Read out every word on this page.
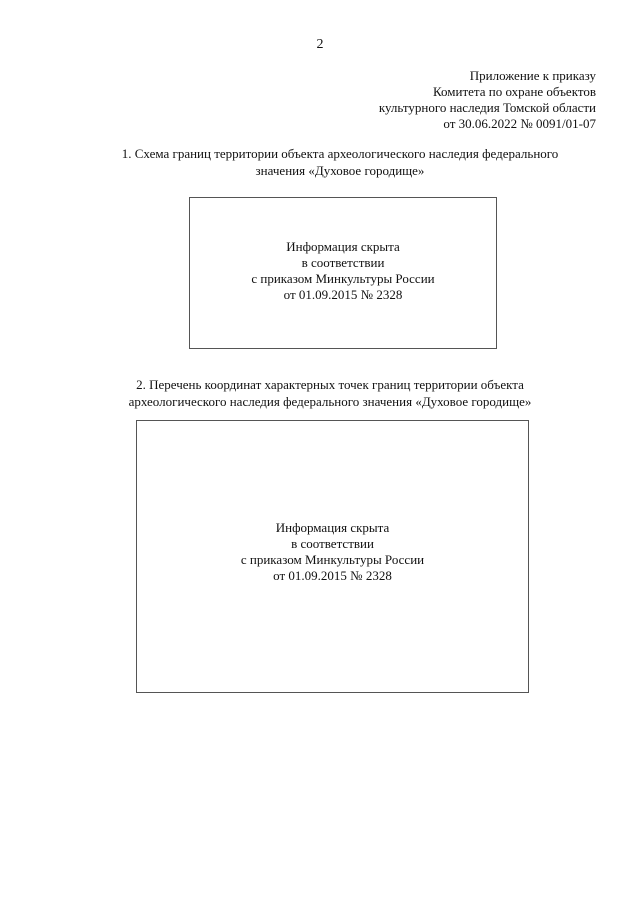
2
Приложение к приказу
Комитета по охране объектов
культурного наследия Томской области
от 30.06.2022 № 0091/01-07
1. Схема границ территории объекта археологического наследия федерального
значения «Духовое городище»
Информация скрыта
в соответствии
с приказом Минкультуры России
от 01.09.2015 № 2328
2. Перечень координат характерных точек границ территории объекта
археологического наследия федерального значения «Духовое городище»
Информация скрыта
в соответствии
с приказом Минкультуры России
от 01.09.2015 № 2328
